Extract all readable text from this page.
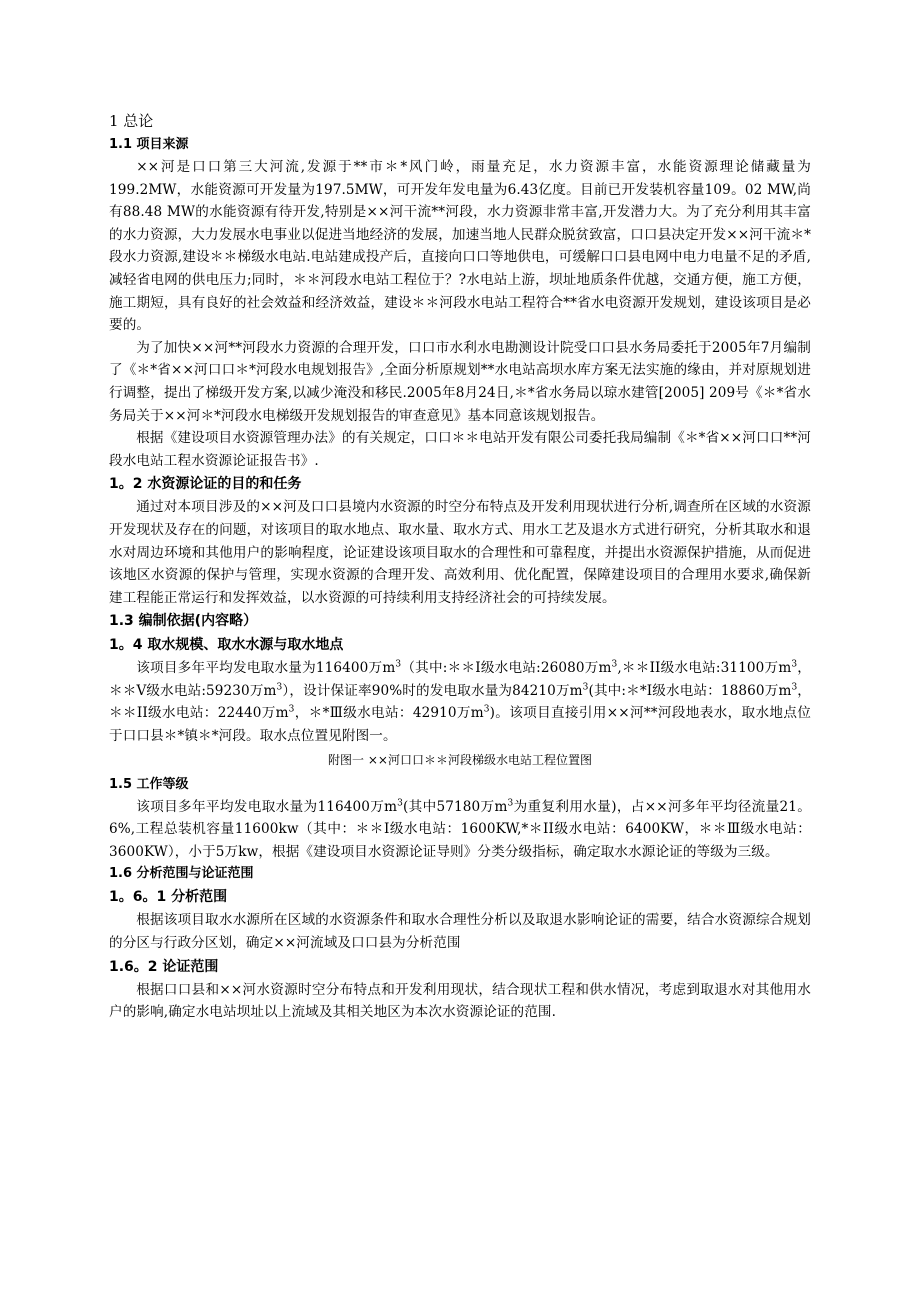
1 总论
1.1 项目来源

××河是口口第三大河流,发源于**市＊*风门岭，雨量充足，水力资源丰富，水能资源理论储藏量为199.2MW，水能资源可开发量为197.5MW，可开发年发电量为6.43亿度。目前已开发装机容量109。02 MW,尚有88.48 MW的水能资源有待开发,特别是××河干流**河段，水力资源非常丰富,开发潜力大。为了充分利用其丰富的水力资源，大力发展水电事业以促进当地经济的发展，加速当地人民群众脱贫致富，口口县决定开发××河干流＊*段水力资源,建设＊＊梯级水电站.电站建成投产后，直接向口口等地供电，可缓解口口县电网中电力电量不足的矛盾,减轻省电网的供电压力;同时，＊＊河段水电站工程位于？?水电站上游，坝址地质条件优越，交通方便，施工方便，施工期短，具有良好的社会效益和经济效益，建设＊＊河段水电站工程符合**省水电资源开发规划，建设该项目是必要的。

为了加快××河**河段水力资源的合理开发，口口市水利水电勘测设计院受口口县水务局委托于2005年7月编制了《＊*省××河口口＊*河段水电规划报告》,全面分析原规划**水电站高坝水库方案无法实施的缘由，并对原规划进行调整，提出了梯级开发方案,以减少淹没和移民.2005年8月24日,＊*省水务局以琼水建管[2005] 209号《＊*省水务局关于××河＊*河段水电梯级开发规划报告的审查意见》基本同意该规划报告。

根据《建设项目水资源管理办法》的有关规定，口口＊＊电站开发有限公司委托我局编制《＊*省××河口口**河段水电站工程水资源论证报告书》.

1。2 水资源论证的目的和任务

通过对本项目涉及的××河及口口县境内水资源的时空分布特点及开发利用现状进行分析,调查所在区域的水资源开发现状及存在的问题，对该项目的取水地点、取水量、取水方式、用水工艺及退水方式进行研究，分析其取水和退水对周边环境和其他用户的影响程度，论证建设该项目取水的合理性和可靠程度，并提出水资源保护措施，从而促进该地区水资源的保护与管理，实现水资源的合理开发、高效利用、优化配置，保障建设项目的合理用水要求,确保新建工程能正常运行和发挥效益，以水资源的可持续利用支持经济社会的可持续发展。

1.3 编制依据(内容略）
1。4 取水规模、取水水源与取水地点

该项目多年平均发电取水量为116400万$m^3$（其中:＊＊I级水电站:26080万$m^3,**II$级水电站:31100万$m^3$，＊＊V级水电站:59230万$m^3$），设计保证率90%时的发电取水量为84210万$m^3$(其中:＊*I级水电站：18860万$m^3$，＊＊II级水电站：22440万$m^3$，＊*Ⅲ级水电站：42910万$m^3$)。该项目直接引用××河**河段地表水，取水地点位于口口县＊*镇＊*河段。取水点位置见附图一。

附图一 ××河口口＊＊河段梯级水电站工程位置图
1.5 工作等级

该项目多年平均发电取水量为116400万$m^3$(其中57180万$m^3$为重复利用水量)，占××河多年平均径流量21。6%,工程总装机容量11600kw（其中：＊＊I级水电站：1600KW,*＊II级水电站：6400KW，＊＊Ⅲ级水电站：3600KW），小于5万kw，根据《建设项目水资源论证导则》分类分级指标，确定取水水源论证的等级为三级。

1.6 分析范围与论证范围
1。6。1 分析范围

根据该项目取水水源所在区域的水资源条件和取水合理性分析以及取退水影响论证的需要，结合水资源综合规划的分区与行政分区划，确定××河流域及口口县为分析范围

1.6。2 论证范围

根据口口县和××河水资源时空分布特点和开发利用现状，结合现状工程和供水情况，考虑到取退水对其他用水户的影响,确定水电站坝址以上流域及其相关地区为本次水资源论证的范围.
